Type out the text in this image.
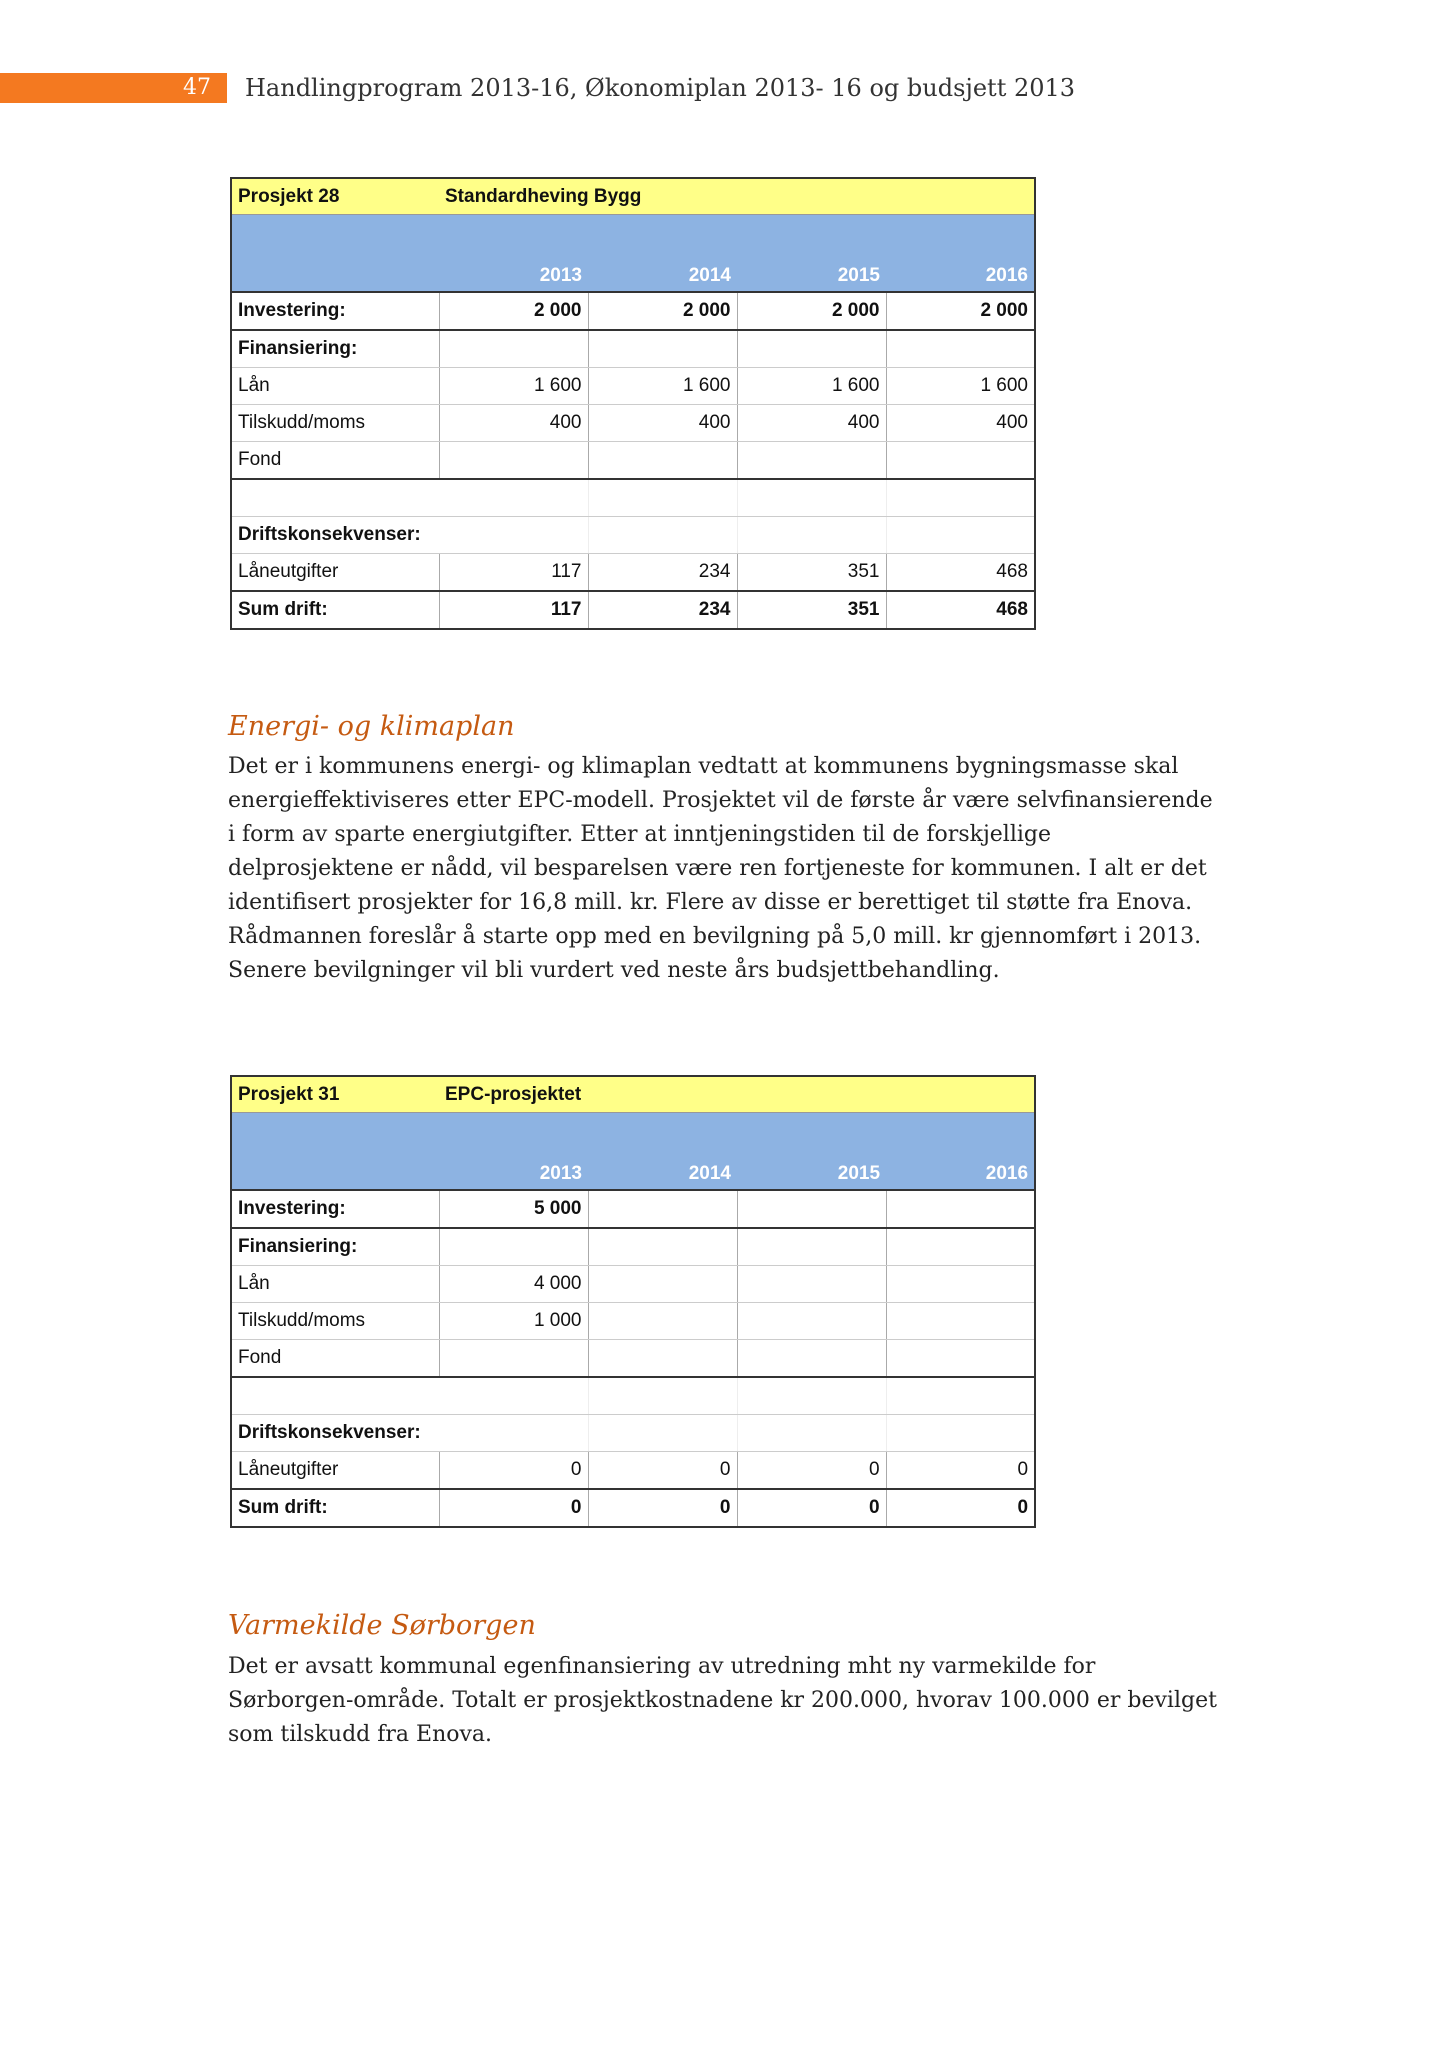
47	Handlingprogram 2013-16, Økonomiplan 2013- 16 og budsjett 2013
Prosjekt 28	Standardheving Bygg			
	2013	2014	2015	2016
Investering:	2 000	2 000	2 000	2 000
Finansiering:				
Lån	1 600	1 600	1 600	1 600
Tilskudd/moms	400	400	400	400
Fond				

Driftskonsekvenser:				
Låneutgifter	117	234	351	468
Sum drift:	117	234	351	468
Energi- og klimaplan

Det er i kommunens energi- og klimaplan vedtatt at kommunens bygningsmasse skal
energieffektiviseres etter EPC-modell. Prosjektet vil de første år være selvfinansierende
i form av sparte energiutgifter. Etter at inntjeningstiden til de forskjellige
delprosjektene er nådd, vil besparelsen være ren fortjeneste for kommunen. I alt er det
identifisert prosjekter for 16,8 mill. kr. Flere av disse er berettiget til støtte fra Enova.
Rådmannen foreslår å starte opp med en bevilgning på 5,0 mill. kr gjennomført i 2013.
Senere bevilgninger vil bli vurdert ved neste års budsjettbehandling.

Prosjekt 31	EPC-prosjektet			
	2013	2014	2015	2016
Investering:	5 000			
Finansiering:				
Lån	4 000			
Tilskudd/moms	1 000			
Fond				

Driftskonsekvenser:				
Låneutgifter	0	0	0	0
Sum drift:	0	0	0	0
Varmekilde Sørborgen

Det er avsatt kommunal egenfinansiering av utredning mht ny varmekilde for
Sørborgen-område. Totalt er prosjektkostnadene kr 200.000, hvorav 100.000 er bevilget
som tilskudd fra Enova.
